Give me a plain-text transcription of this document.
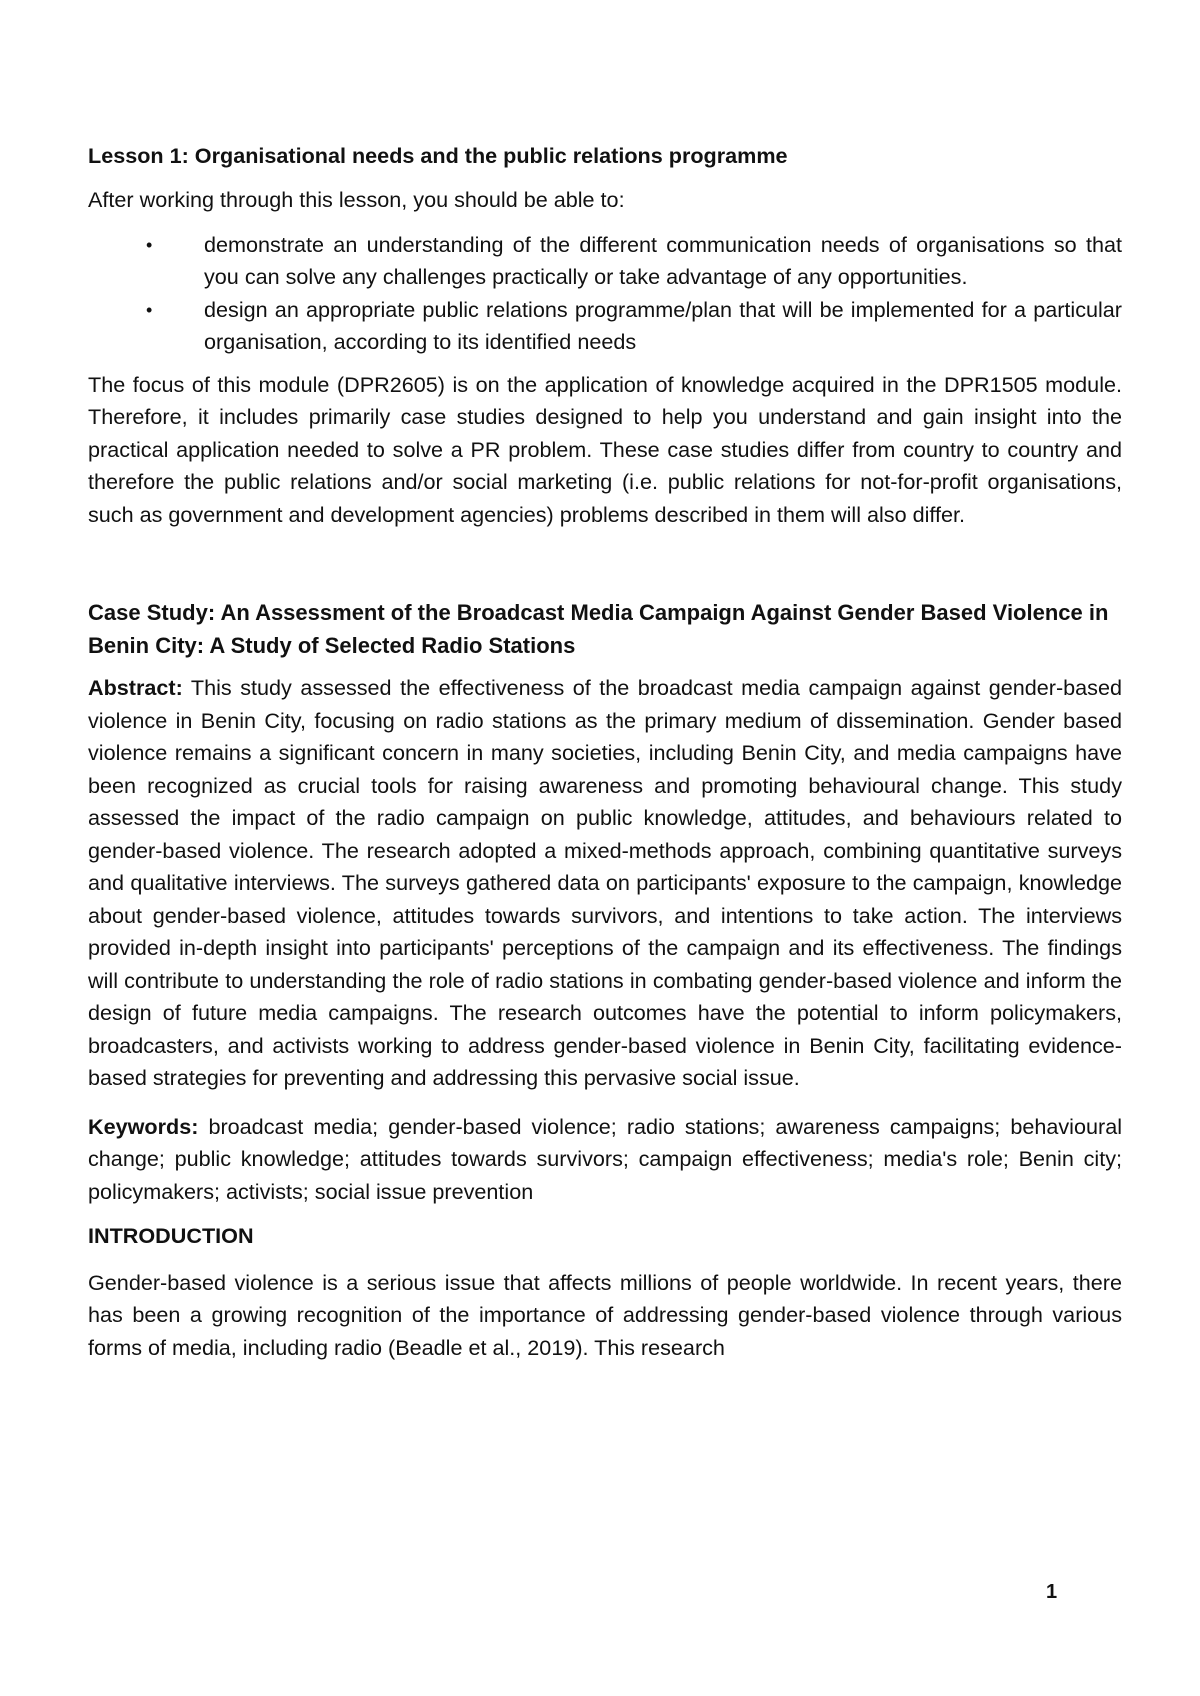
Lesson 1: Organisational needs and the public relations programme

After working through this lesson, you should be able to:

• demonstrate an understanding of the different communication needs of organisations so that you can solve any challenges practically or take advantage of any opportunities.
• design an appropriate public relations programme/plan that will be implemented for a particular organisation, according to its identified needs

The focus of this module (DPR2605) is on the application of knowledge acquired in the DPR1505 module. Therefore, it includes primarily case studies designed to help you understand and gain insight into the practical application needed to solve a PR problem. These case studies differ from country to country and therefore the public relations and/or social marketing (i.e. public relations for not-for-profit organisations, such as government and development agencies) problems described in them will also differ.

Case Study: An Assessment of the Broadcast Media Campaign Against Gender Based Violence in Benin City: A Study of Selected Radio Stations

Abstract: This study assessed the effectiveness of the broadcast media campaign against gender-based violence in Benin City, focusing on radio stations as the primary medium of dissemination. Gender based violence remains a significant concern in many societies, including Benin City, and media campaigns have been recognized as crucial tools for raising awareness and promoting behavioural change. This study assessed the impact of the radio campaign on public knowledge, attitudes, and behaviours related to gender-based violence. The research adopted a mixed-methods approach, combining quantitative surveys and qualitative interviews. The surveys gathered data on participants' exposure to the campaign, knowledge about gender-based violence, attitudes towards survivors, and intentions to take action. The interviews provided in-depth insight into participants' perceptions of the campaign and its effectiveness. The findings will contribute to understanding the role of radio stations in combating gender-based violence and inform the design of future media campaigns. The research outcomes have the potential to inform policymakers, broadcasters, and activists working to address gender-based violence in Benin City, facilitating evidence-based strategies for preventing and addressing this pervasive social issue.

Keywords: broadcast media; gender-based violence; radio stations; awareness campaigns; behavioural change; public knowledge; attitudes towards survivors; campaign effectiveness; media's role; Benin city; policymakers; activists; social issue prevention

INTRODUCTION

Gender-based violence is a serious issue that affects millions of people worldwide. In recent years, there has been a growing recognition of the importance of addressing gender-based violence through various forms of media, including radio (Beadle et al., 2019). This research

1
